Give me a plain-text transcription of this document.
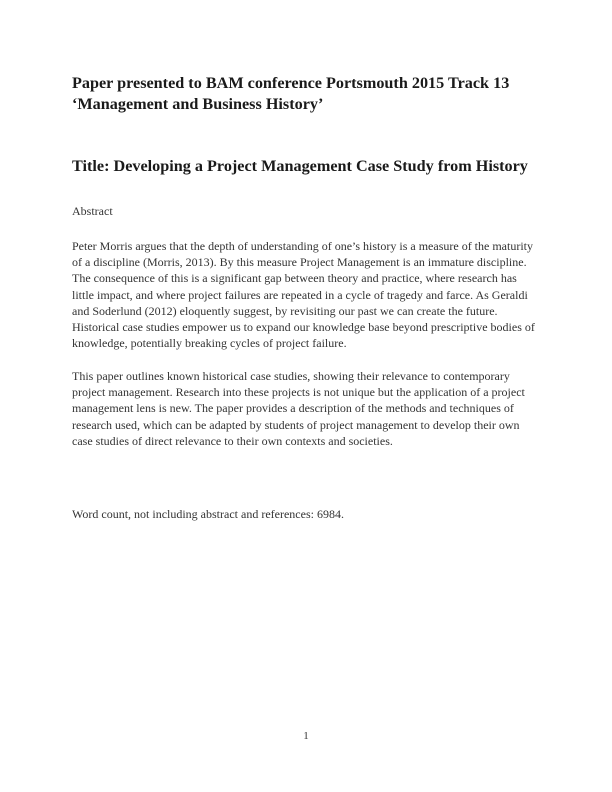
Paper presented to BAM conference Portsmouth 2015 Track 13
‘Management and Business History’
Title: Developing a Project Management Case Study from History

Abstract

Peter Morris argues that the depth of understanding of one’s history is a measure of the maturity
of a discipline (Morris, 2013). By this measure Project Management is an immature discipline.
The consequence of this is a significant gap between theory and practice, where research has
little impact, and where project failures are repeated in a cycle of tragedy and farce. As Geraldi
and Soderlund (2012) eloquently suggest, by revisiting our past we can create the future.
Historical case studies empower us to expand our knowledge base beyond prescriptive bodies of
knowledge, potentially breaking cycles of project failure.

This paper outlines known historical case studies, showing their relevance to contemporary
project management. Research into these projects is not unique but the application of a project
management lens is new. The paper provides a description of the methods and techniques of
research used, which can be adapted by students of project management to develop their own
case studies of direct relevance to their own contexts and societies.

Word count, not including abstract and references: 6984.

1
